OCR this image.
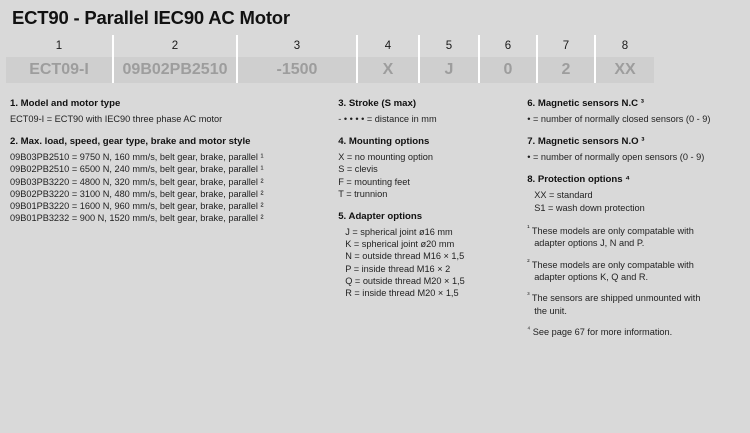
ECT90 - Parallel IEC90 AC Motor
1	2	3	4	5	6	7	8
ECT09-I	09B02PB2510	-1500	X	J	0	2	XX
1. Model and motor type
ECT09-I = ECT90 with IEC90 three phase AC motor
2. Max. load, speed, gear type, brake and motor style
09B03PB2510 = 9750 N, 160 mm/s, belt gear, brake, parallel ¹
09B02PB2510 = 6500 N, 240 mm/s, belt gear, brake, parallel ¹
09B03PB3220 = 4800 N, 320 mm/s, belt gear, brake, parallel ²
09B02PB3220 = 3100 N, 480 mm/s, belt gear, brake, parallel ²
09B01PB3220 = 1600 N, 960 mm/s, belt gear, brake, parallel ²
09B01PB3232 = 900 N, 1520 mm/s, belt gear, brake, parallel ²
3. Stroke (S max)
- • • • • = distance in mm
4. Mounting options
X = no mounting option
S = clevis
F = mounting feet
T = trunnion
5. Adapter options
J = spherical joint ø16 mm
K = spherical joint ø20 mm
N = outside thread M16 × 1,5
P = inside thread M16 × 2
Q = outside thread M20 × 1,5
R = inside thread M20 × 1,5
6. Magnetic sensors N.C ³
• = number of normally closed sensors (0 - 9)
7. Magnetic sensors N.O ³
• = number of normally open sensors (0 - 9)
8. Protection options ⁴
XX = standard
S1 = wash down protection
$^{^1}$ These models are only compatable with
adapter options J, N and P.
$^{^2}$ These models are only compatable with
adapter options K, Q and R.
$^{^3}$ The sensors are shipped unmounted with
the unit.
$^{^4}$ See page 67 for more information.
